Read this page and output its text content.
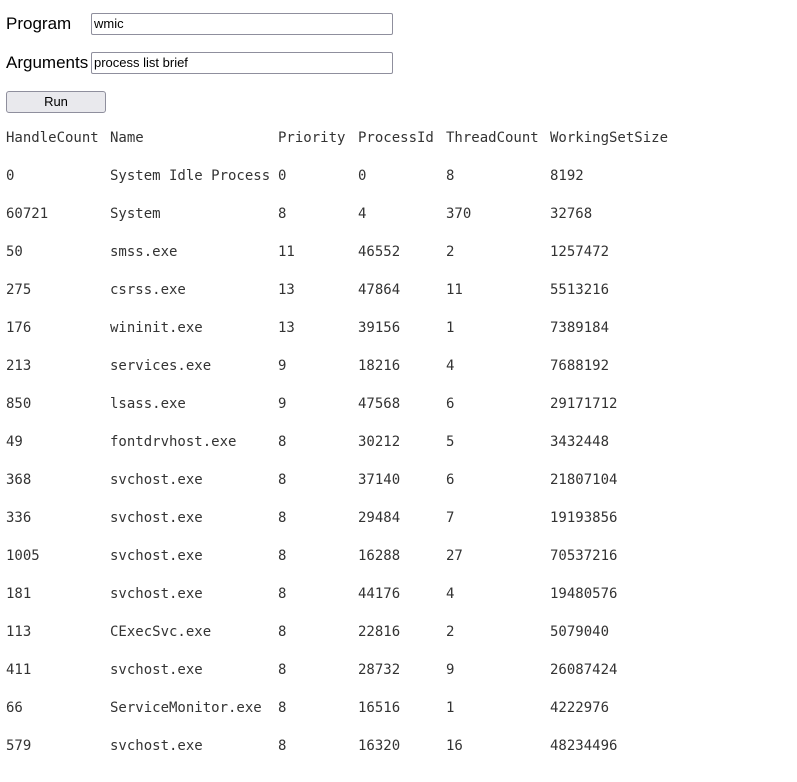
Program
wmic
Arguments
process list brief
Run
HandleCount Name	Priority ProcessId ThreadCount WorkingSetSize
0	System Idle Process 0	0	8	8192
60721	System	8	4	370	32768
50	smss.exe	11	46552	2	1257472
275	csrss.exe	13	47864	11	5513216
176	wininit.exe	13	39156	1	7389184
213	services.exe	9	18216	4	7688192
850	lsass.exe	9	47568	6	29171712
49	fontdrvhost.exe	8	30212	5	3432448
368	svchost.exe	8	37140	6	21807104
336	svchost.exe	8	29484	7	19193856
1005	svchost.exe	8	16288	27	70537216
181	svchost.exe	8	44176	4	19480576
113	CExecSvc.exe	8	22816	2	5079040
411	svchost.exe	8	28732	9	26087424
66	ServiceMonitor.exe 8	16516	1	4222976
579	svchost.exe	8	16320	16	48234496
